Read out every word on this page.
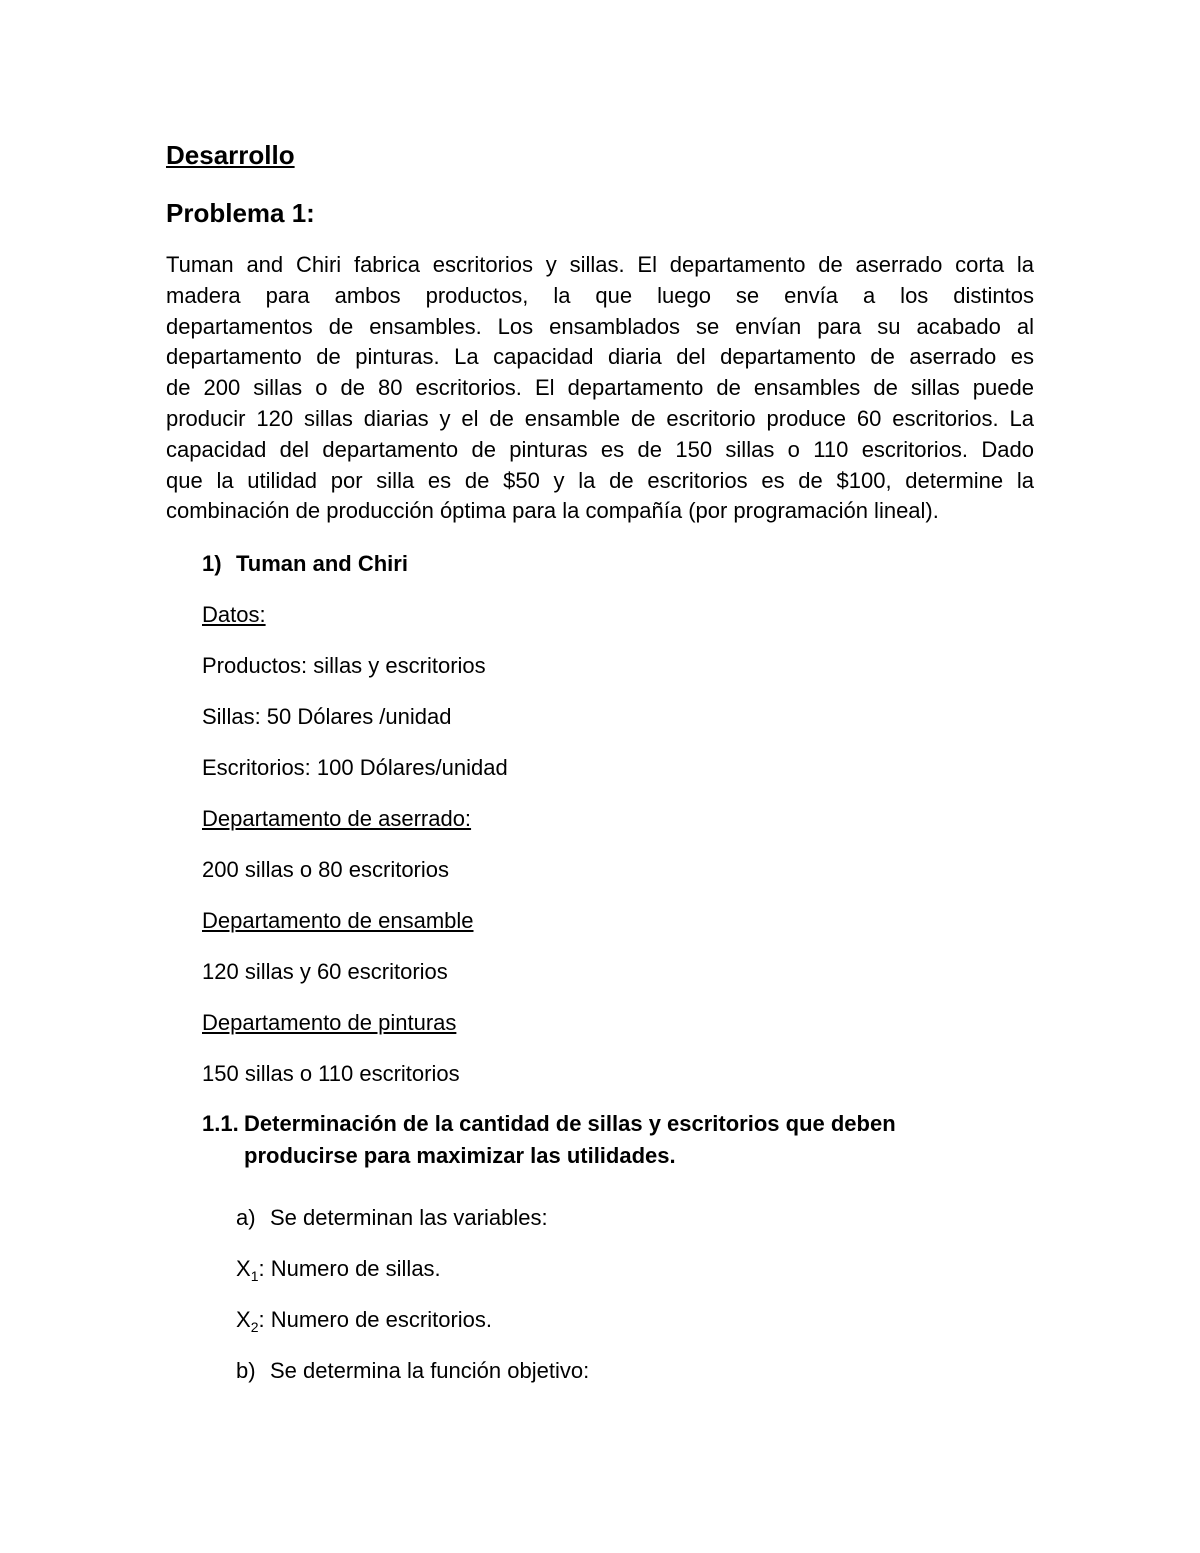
Desarrollo
Problema 1:
Tuman and Chiri fabrica escritorios y sillas. El departamento de aserrado corta la
madera para ambos productos, la que luego se envía a los distintos
departamentos de ensambles. Los ensamblados se envían para su acabado al
departamento de pinturas. La capacidad diaria del departamento de aserrado es
de 200 sillas o de 80 escritorios. El departamento de ensambles de sillas puede
producir 120 sillas diarias y el de ensamble de escritorio produce 60 escritorios. La
capacidad del departamento de pinturas es de 150 sillas o 110 escritorios. Dado
que la utilidad por silla es de $50 y la de escritorios es de $100, determine la
combinación de producción óptima para la compañía (por programación lineal).
1) Tuman and Chiri
Datos:
Productos: sillas y escritorios
Sillas: 50 Dólares /unidad
Escritorios: 100 Dólares/unidad
Departamento de aserrado:
200 sillas o 80 escritorios
Departamento de ensamble
120 sillas y 60 escritorios
Departamento de pinturas
150 sillas o 110 escritorios
1.1. Determinación de la cantidad de sillas y escritorios que deben
producirse para maximizar las utilidades.
a) Se determinan las variables:
$X_1$: Numero de sillas.
$X_2$: Numero de escritorios.
b) Se determina la función objetivo:
